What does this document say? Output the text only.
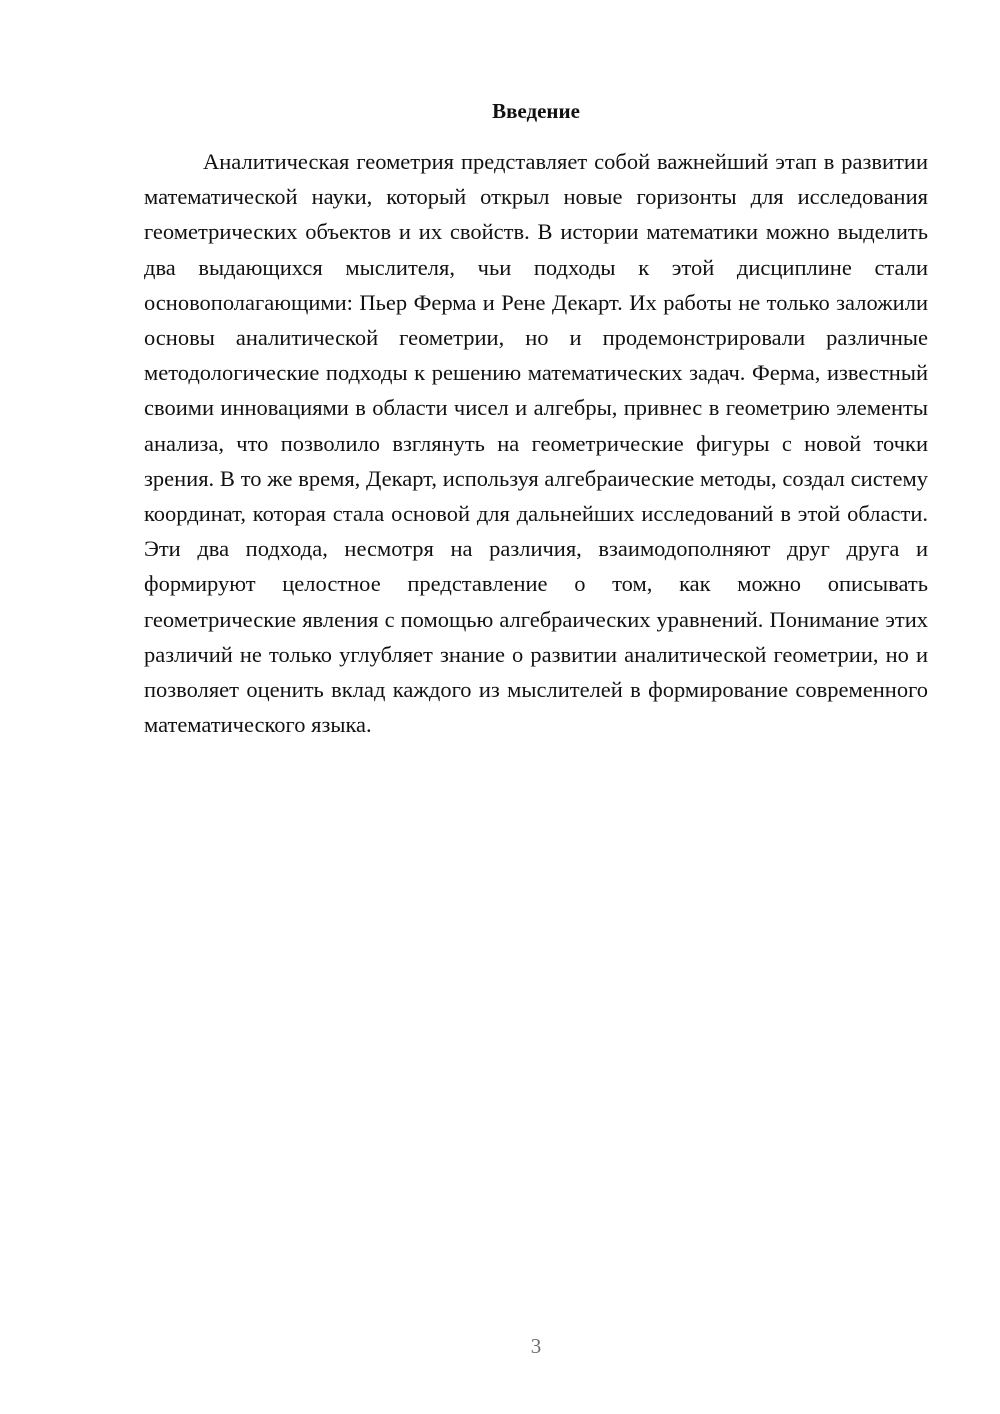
Введение

Аналитическая геометрия представляет собой важнейший этап в развитии математической науки, который открыл новые горизонты для исследования геометрических объектов и их свойств. В истории математики можно выделить два выдающихся мыслителя, чьи подходы к этой дисциплине стали основополагающими: Пьер Ферма и Рене Декарт. Их работы не только заложили основы аналитической геометрии, но и продемонстрировали различные методологические подходы к решению математических задач. Ферма, известный своими инновациями в области чисел и алгебры, привнес в геометрию элементы анализа, что позволило взглянуть на геометрические фигуры с новой точки зрения. В то же время, Декарт, используя алгебраические методы, создал систему координат, которая стала основой для дальнейших исследований в этой области. Эти два подхода, несмотря на различия, взаимодополняют друг друга и формируют целостное представление о том, как можно описывать геометрические явления с помощью алгебраических уравнений. Понимание этих различий не только углубляет знание о развитии аналитической геометрии, но и позволяет оценить вклад каждого из мыслителей в формирование современного математического языка.

3
